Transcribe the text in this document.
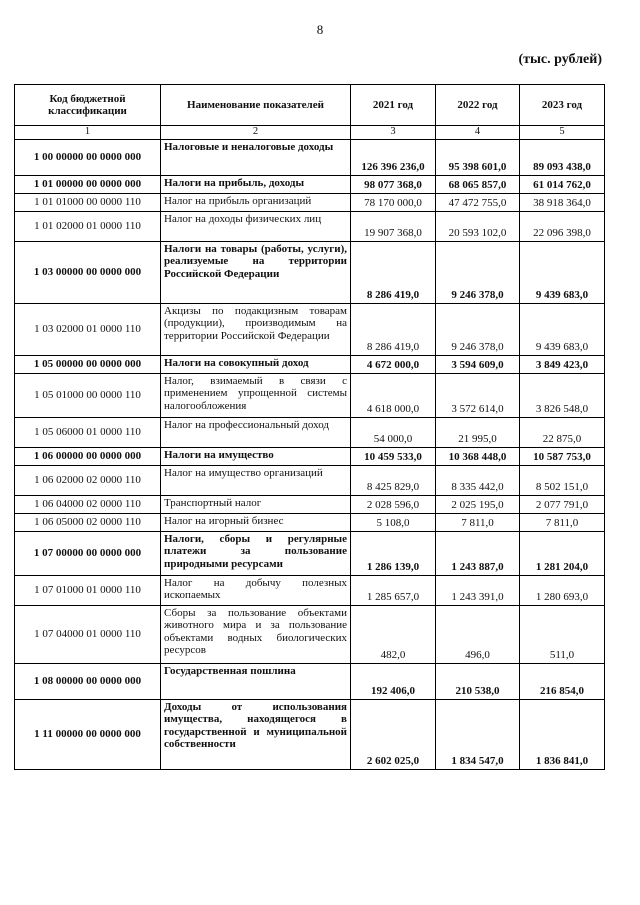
8
(тыс. рублей)
Код бюджетной классификации	Наименование показателей	2021 год	2022 год	2023 год
1	2	3	4	5
1 00 00000 00 0000 000	Налоговые и неналоговые доходы	126 396 236,0	95 398 601,0	89 093 438,0
1 01 00000 00 0000 000	Налоги на прибыль, доходы	98 077 368,0	68 065 857,0	61 014 762,0
1 01 01000 00 0000 110	Налог на прибыль организаций	78 170 000,0	47 472 755,0	38 918 364,0
1 01 02000 01 0000 110	Налог на доходы физических лиц	19 907 368,0	20 593 102,0	22 096 398,0
1 03 00000 00 0000 000	Налоги на товары (работы, услуги), реализуемые на территории Российской Федерации	8 286 419,0	9 246 378,0	9 439 683,0
1 03 02000 01 0000 110	Акцизы по подакцизным товарам (продукции), производимым на территории Российской Федерации	8 286 419,0	9 246 378,0	9 439 683,0
1 05 00000 00 0000 000	Налоги на совокупный доход	4 672 000,0	3 594 609,0	3 849 423,0
1 05 01000 00 0000 110	Налог, взимаемый в связи с применением упрощенной системы налогообложения	4 618 000,0	3 572 614,0	3 826 548,0
1 05 06000 01 0000 110	Налог на профессиональный доход	54 000,0	21 995,0	22 875,0
1 06 00000 00 0000 000	Налоги на имущество	10 459 533,0	10 368 448,0	10 587 753,0
1 06 02000 02 0000 110	Налог на имущество организаций	8 425 829,0	8 335 442,0	8 502 151,0
1 06 04000 02 0000 110	Транспортный налог	2 028 596,0	2 025 195,0	2 077 791,0
1 06 05000 02 0000 110	Налог на игорный бизнес	5 108,0	7 811,0	7 811,0
1 07 00000 00 0000 000	Налоги, сборы и регулярные платежи за пользование природными ресурсами	1 286 139,0	1 243 887,0	1 281 204,0
1 07 01000 01 0000 110	Налог на добычу полезных ископаемых	1 285 657,0	1 243 391,0	1 280 693,0
1 07 04000 01 0000 110	Сборы за пользование объектами животного мира и за пользование объектами водных биологических ресурсов	482,0	496,0	511,0
1 08 00000 00 0000 000	Государственная пошлина	192 406,0	210 538,0	216 854,0
1 11 00000 00 0000 000	Доходы от использования имущества, находящегося в государственной и муниципальной собственности	2 602 025,0	1 834 547,0	1 836 841,0
